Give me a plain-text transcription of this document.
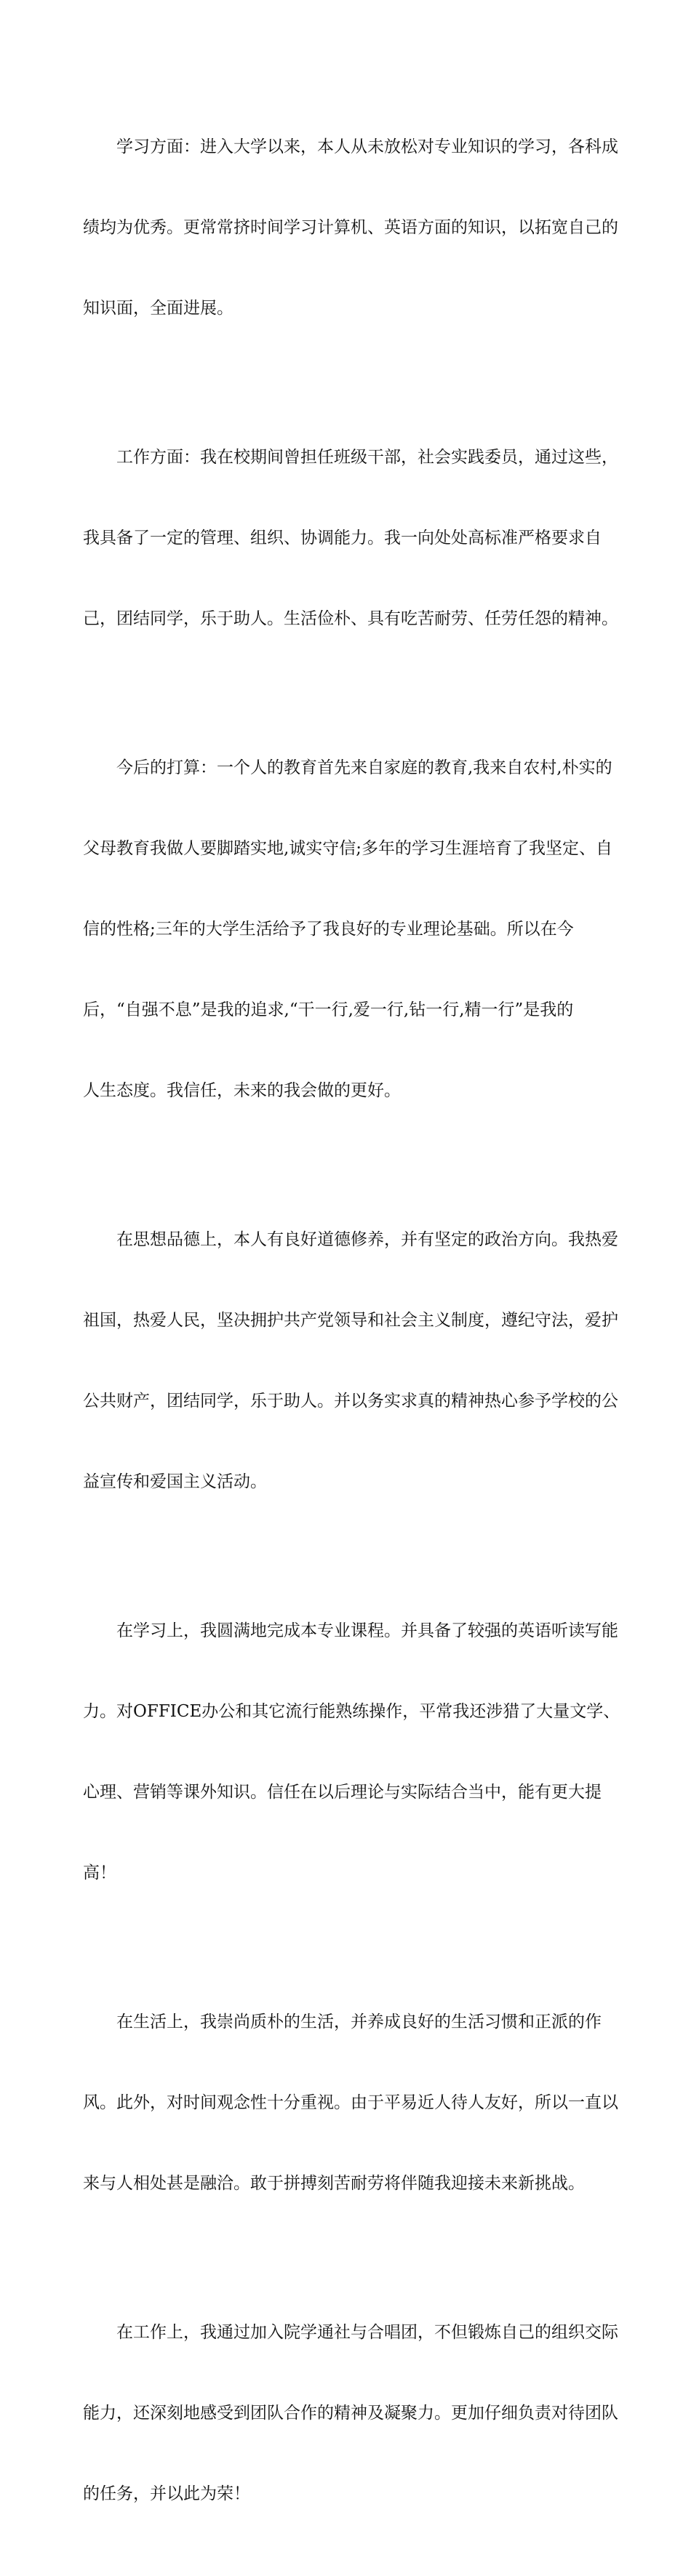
学习方面：进入大学以来，本人从未放松对专业知识的学习，各科成

绩均为优秀。更常常挤时间学习计算机、英语方面的知识，以拓宽自己的

知识面，全面进展。

工作方面：我在校期间曾担任班级干部，社会实践委员，通过这些，

我具备了一定的管理、组织、协调能力。我一向处处高标准严格要求自

己，团结同学，乐于助人。生活俭朴、具有吃苦耐劳、任劳任怨的精神。

今后的打算：一个人的教育首先来自家庭的教育,我来自农村,朴实的

父母教育我做人要脚踏实地,诚实守信;多年的学习生涯培育了我坚定、自

信的性格;三年的大学生活给予了我良好的专业理论基础。所以在今

后，“自强不息”是我的追求,“干一行,爱一行,钻一行,精一行”是我的

人生态度。我信任，未来的我会做的更好。

在思想品德上，本人有良好道德修养，并有坚定的政治方向。我热爱

祖国，热爱人民，坚决拥护共产党领导和社会主义制度，遵纪守法，爱护

公共财产，团结同学，乐于助人。并以务实求真的精神热心参予学校的公

益宣传和爱国主义活动。

在学习上，我圆满地完成本专业课程。并具备了较强的英语听读写能

力。对OFFICE办公和其它流行能熟练操作，平常我还涉猎了大量文学、

心理、营销等课外知识。信任在以后理论与实际结合当中，能有更大提

高！

在生活上，我崇尚质朴的生活，并养成良好的生活习惯和正派的作

风。此外，对时间观念性十分重视。由于平易近人待人友好，所以一直以

来与人相处甚是融洽。敢于拼搏刻苦耐劳将伴随我迎接未来新挑战。

在工作上，我通过加入院学通社与合唱团，不但锻炼自己的组织交际

能力，还深刻地感受到团队合作的精神及凝聚力。更加仔细负责对待团队

的任务，并以此为荣！
